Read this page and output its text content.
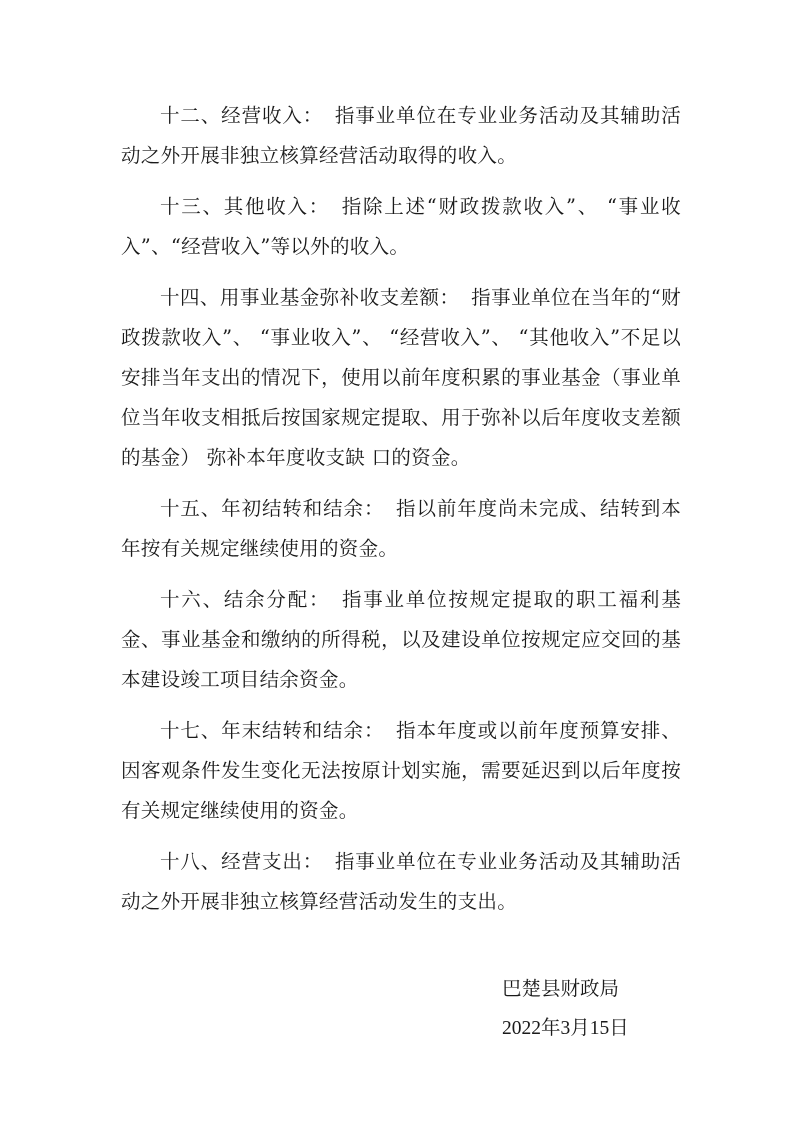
十二、经营收入： 指事业单位在专业业务活动及其辅助活动之外开展非独立核算经营活动取得的收入。

十三、其他收入： 指除上述“财政拨款收入”、 “事业收入”、“经营收入”等以外的收入。

十四、用事业基金弥补收支差额： 指事业单位在当年的“财政拨款收入”、 “事业收入”、 “经营收入”、 “其他收入”不足以安排当年支出的情况下，使用以前年度积累的事业基金（事业单位当年收支相抵后按国家规定提取、用于弥补以后年度收支差额的基金） 弥补本年度收支缺 口的资金。

十五、年初结转和结余： 指以前年度尚未完成、结转到本年按有关规定继续使用的资金。

十六、结余分配： 指事业单位按规定提取的职工福利基金、事业基金和缴纳的所得税，以及建设单位按规定应交回的基本建设竣工项目结余资金。

十七、年末结转和结余： 指本年度或以前年度预算安排、因客观条件发生变化无法按原计划实施，需要延迟到以后年度按有关规定继续使用的资金。

十八、经营支出： 指事业单位在专业业务活动及其辅助活动之外开展非独立核算经营活动发生的支出。

巴楚县财政局
2022年3月15日
